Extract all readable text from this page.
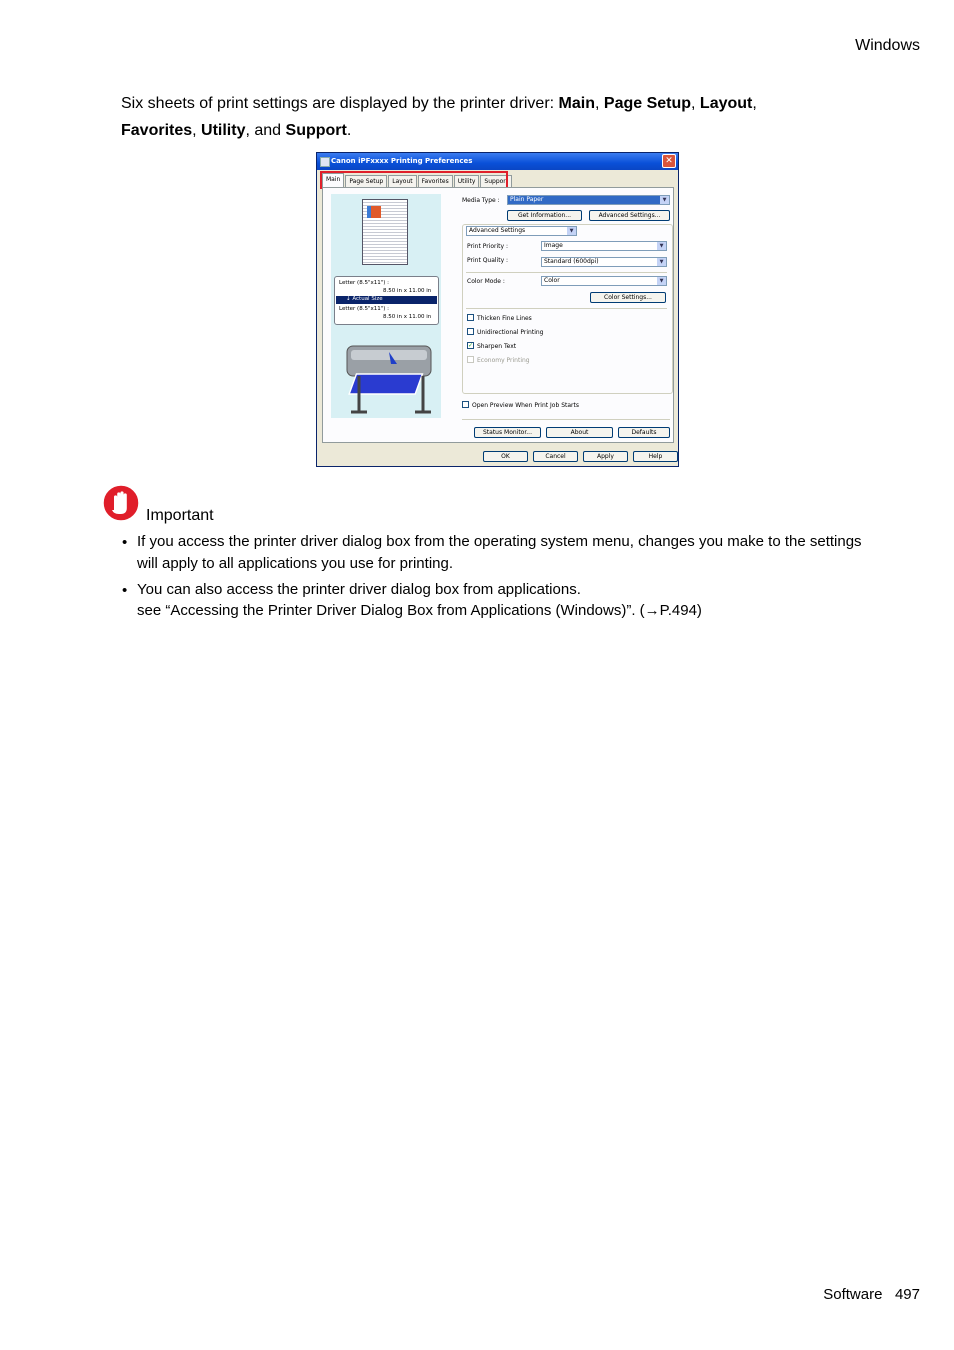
Windows
Six sheets of print settings are displayed by the printer driver: Main, Page Setup, Layout,
Favorites, Utility, and Support.
Canon iPFxxxx Printing Preferences	✕
Main	Page Setup	Layout	Favorites	Utility	Support
Letter (8.5"x11") :
8.50 in x 11.00 in
↓ Actual Size
Letter (8.5"x11") :
8.50 in x 11.00 in
Media Type :	Plain Paper	▼
Get Information...	Advanced Settings...
Advanced Settings	▼
Print Priority :	Image	▼
Print Quality :	Standard (600dpi)	▼
Color Mode :	Color	▼
Color Settings...
Thicken Fine Lines
Unidirectional Printing
✓ Sharpen Text
Economy Printing
Open Preview When Print Job Starts
Status Monitor...	About	Defaults
OK	Cancel	Apply	Help
Important
• If you access the printer driver dialog box from the operating system menu, changes you make to the settings will apply to all applications you use for printing.
• You can also access the printer driver dialog box from applications.
see “Accessing the Printer Driver Dialog Box from Applications (Windows)”. (→P.494)
Software 497
